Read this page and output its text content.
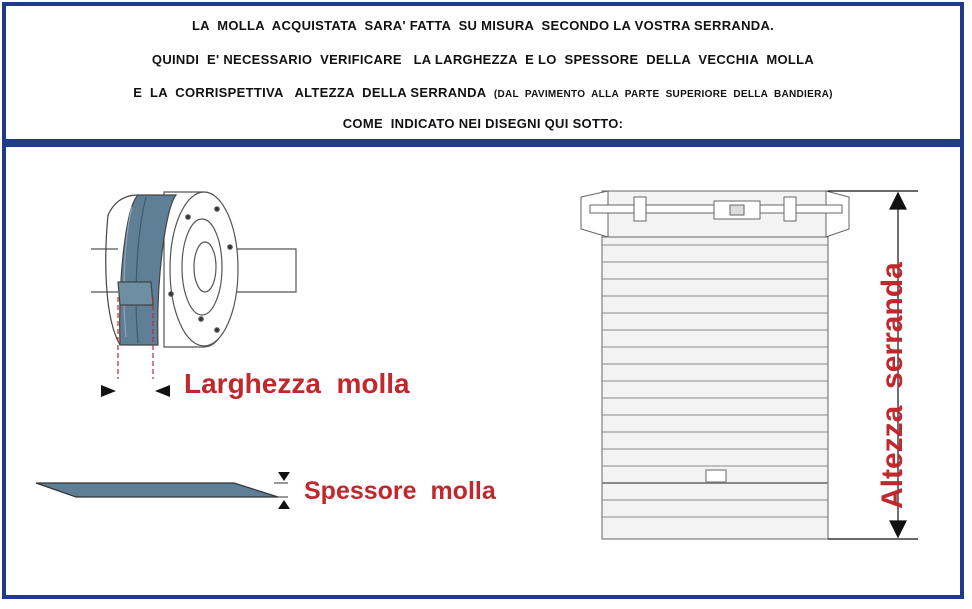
LA  MOLLA  ACQUISTATA  SARA' FATTA  SU MISURA  SECONDO LA VOSTRA SERRANDA.
QUINDI  E' NECESSARIO  VERIFICARE   LA LARGHEZZA  E LO  SPESSORE  DELLA  VECCHIA  MOLLA
E  LA  CORRISPETTIVA   ALTEZZA  DELLA SERRANDA (DAL  PAVIMENTO  ALLA  PARTE  SUPERIORE  DELLA  BANDIERA)
COME  INDICATO NEI DISEGNI QUI SOTTO:
Larghezza  molla
Spessore  molla	Altezza  serranda
